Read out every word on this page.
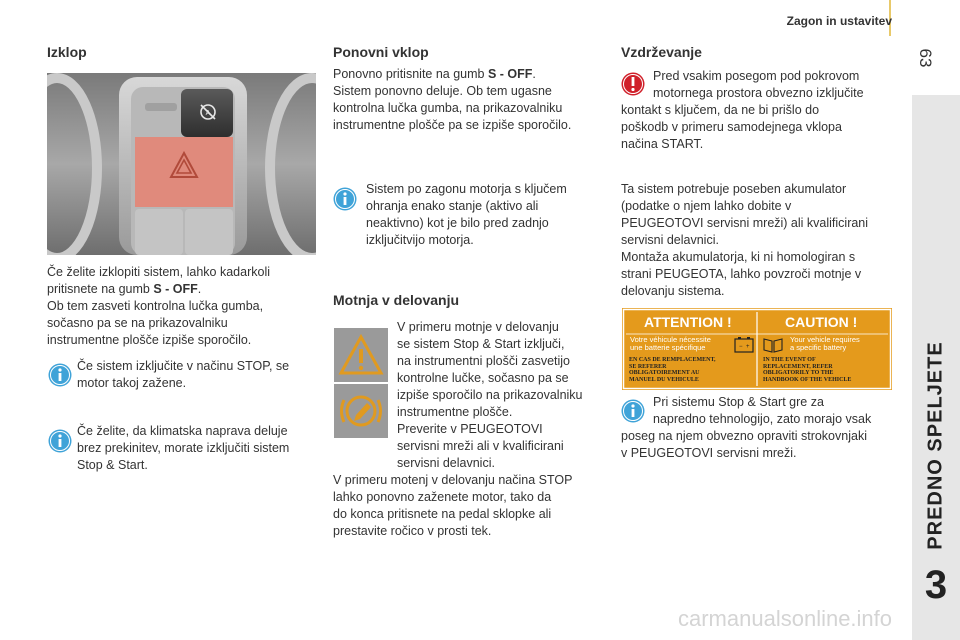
Zagon in ustavitev
63
PREDNO SPELJETE
3
Izklop
A
Če želite izklopiti sistem, lahko kadarkoli
pritisnete na gumb S - OFF.
Ob tem zasveti kontrolna lučka gumba,
sočasno pa se na prikazovalniku
instrumentne plošče izpiše sporočilo.
Če sistem izključite v načinu STOP, se
motor takoj zažene.
Če želite, da klimatska naprava deluje
brez prekinitev, morate izključiti sistem
Stop & Start.
Ponovni vklop
Ponovno pritisnite na gumb S - OFF.
Sistem ponovno deluje. Ob tem ugasne
kontrolna lučka gumba, na prikazovalniku
instrumentne plošče pa se izpiše sporočilo.
Sistem po zagonu motorja s ključem
ohranja enako stanje (aktivo ali
neaktivno) kot je bilo pred zadnjo
izključitvijo motorja.
Motnja v delovanju
V primeru motnje v delovanju
se sistem Stop & Start izključi,
na instrumentni plošči zasvetijo
kontrolne lučke, sočasno pa se
izpiše sporočilo na prikazovalniku
instrumentne plošče.
Preverite v PEUGEOTOVI
servisni mreži ali v kvalificirani
servisni delavnici.
V primeru motenj v delovanju načina STOP
lahko ponovno zaženete motor, tako da
do konca pritisnete na pedal sklopke ali
prestavite ročico v prosti tek.
Vzdrževanje
Pred vsakim posegom pod pokrovom
motornega prostora obvezno izključite
kontakt s ključem, da ne bi prišlo do
poškodb v primeru samodejnega vklopa
načina START.
Ta sistem potrebuje poseben akumulator
(podatke o njem lahko dobite v
PEUGEOTOVI servisni mreži) ali kvalificirani
servisni delavnici.
Montaža akumulatorja, ki ni homologiran s
strani PEUGEOTA, lahko povzroči motnje v
delovanju sistema.
ATTENTION !	CAUTION !
Votre véhicule nécessite
une batterie spécifique
Your vehicle requires
a specific battery
− +
EN CAS DE REMPLACEMENT,
SE REFERER
OBLIGATOIREMENT AU
MANUEL DU VEHICULE
IN THE EVENT OF
REPLACEMENT, REFER
OBLIGATORILY TO THE
HANDBOOK OF THE VEHICLE
Pri sistemu Stop & Start gre za
napredno tehnologijo, zato morajo vsak
poseg na njem obvezno opraviti strokovnjaki
v PEUGEOTOVI servisni mreži.
carmanualsonline.info
